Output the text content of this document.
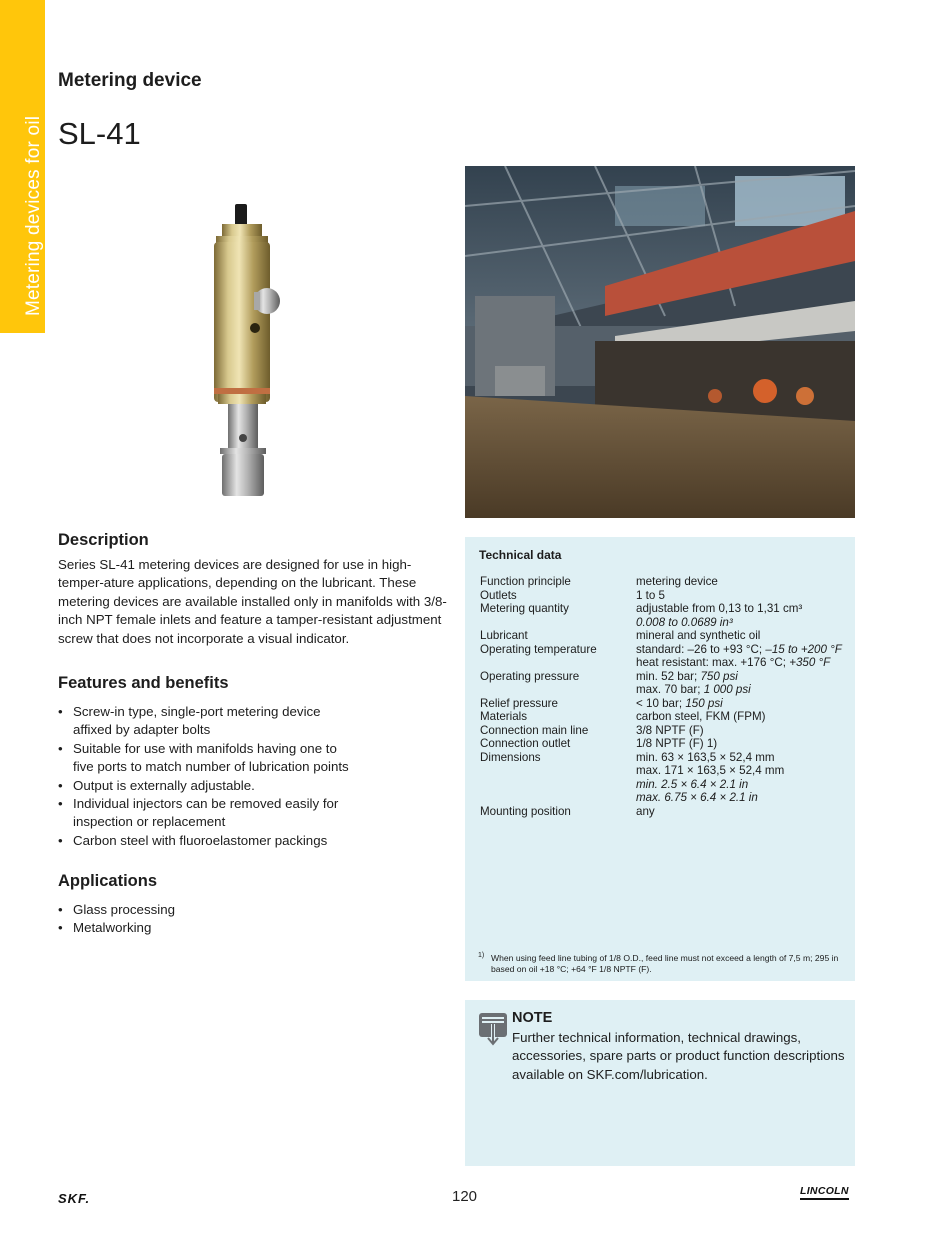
Metering devices for oil
Metering device
SL-41
Description
Series SL-41 metering devices are designed for use in high-temper-ature applications, depending on the lubricant. These metering devices are available installed only in manifolds with 3/8-inch NPT female inlets and feature a tamper-resistant adjustment screw that does not incorporate a visual indicator.
Features and benefits
• Screw-in type, single-port metering device affixed by adapter bolts
• Suitable for use with manifolds having one to five ports to match number of lubrication points
• Output is externally adjustable.
• Individual injectors can be removed easily for inspection or replacement
• Carbon steel with fluoroelastomer packings
Applications
• Glass processing
• Metalworking
Technical data
Function principle	metering device
Outlets	1 to 5
Metering quantity	adjustable from 0,13 to 1,31 cm³
0.008 to 0.0689 in³
Lubricant	mineral and synthetic oil
Operating temperature	standard: –26 to +93 °C; –15 to +200 °F
heat resistant: max. +176 °C; +350 °F
Operating pressure	min. 52 bar; 750 psi
max. 70 bar; 1 000 psi
Relief pressure	< 10 bar; 150 psi
Materials	carbon steel, FKM (FPM)
Connection main line	3/8 NPTF (F)
Connection outlet	1/8 NPTF (F) 1)
Dimensions	min. 63 × 163,5 × 52,4 mm
max. 171 × 163,5 × 52,4 mm
min. 2.5 × 6.4 × 2.1 in
max. 6.75 × 6.4 × 2.1 in
Mounting position	any
1) When using feed line tubing of 1/8 O.D., feed line must not exceed a length of 7,5 m; 295 in based on oil +18 °C; +64 °F 1/8 NPTF (F).
NOTE
Further technical information, technical drawings, accessories, spare parts or product function descriptions available on SKF.com/lubrication.
SKF.	120	LINCOLN
